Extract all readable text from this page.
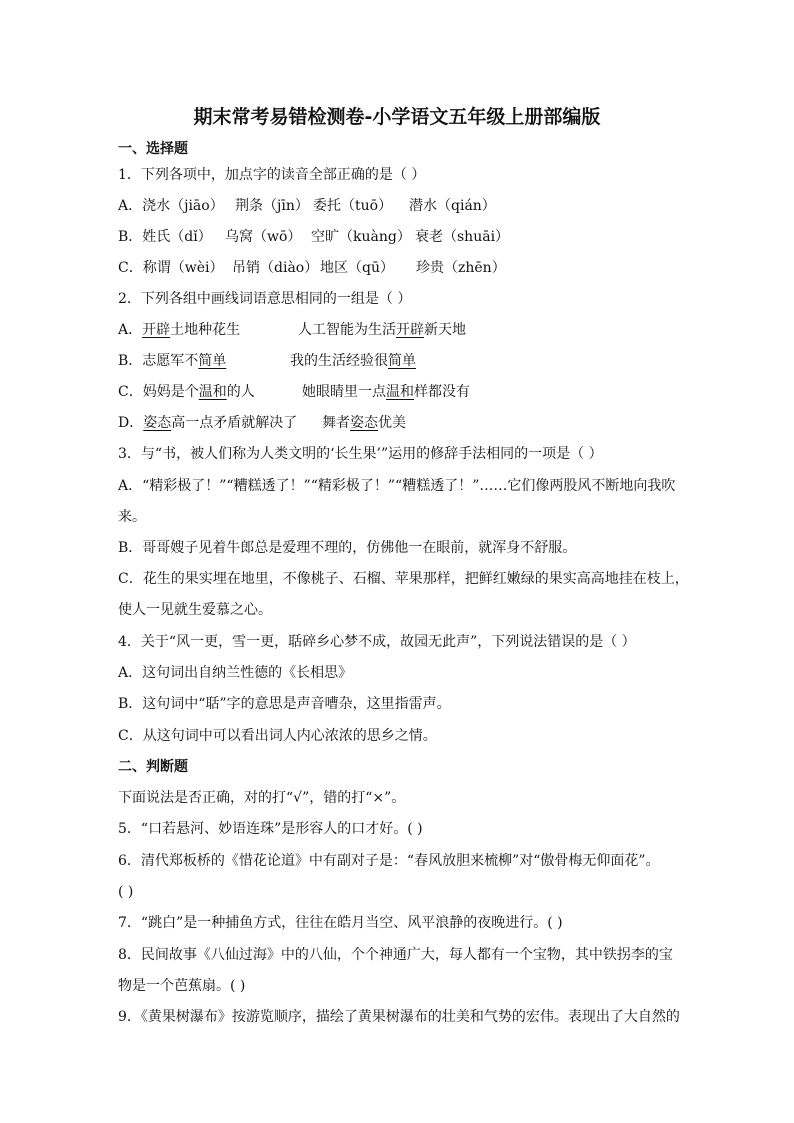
期末常考易错检测卷-小学语文五年级上册部编版
一、选择题
1．下列各项中，加点字的读音全部正确的是（ ）
A．浇水（jiāo） 荆条（jīn） 委托（tuō） 潜水（qián）
B．姓氏（dǐ） 乌窝（wō） 空旷（kuàng） 衰老（shuāi）
C．称谓（wèi） 吊销（diào） 地区（qū） 珍贵（zhēn）
2．下列各组中画线词语意思相同的一组是（ ）
A．开辟土地种花生	人工智能为生活开辟新天地
B．志愿军不简单	我的生活经验很简单
C．妈妈是个温和的人	她眼睛里一点温和样都没有
D．姿态高一点矛盾就解决了 舞者姿态优美
3．与“书，被人们称为人类文明的‘长生果’”运用的修辞手法相同的一项是（ ）
A．“精彩极了！”“糟糕透了！”“精彩极了！”“糟糕透了！”……它们像两股风不断地向我吹
来。
B．哥哥嫂子见着牛郎总是爱理不理的，仿佛他一在眼前，就浑身不舒服。
C．花生的果实埋在地里，不像桃子、石榴、苹果那样，把鲜红嫩绿的果实高高地挂在枝上，
使人一见就生爱慕之心。
4．关于“风一更，雪一更，聒碎乡心梦不成，故园无此声”，下列说法错误的是（ ）
A．这句词出自纳兰性德的《长相思》
B．这句词中“聒”字的意思是声音嘈杂，这里指雷声。
C．从这句词中可以看出词人内心浓浓的思乡之情。
二、判断题
下面说法是否正确，对的打“√”，错的打“×”。
5．“口若悬河、妙语连珠”是形容人的口才好。( )
6．清代郑板桥的《惜花论道》中有副对子是：“春风放胆来梳柳”对“傲骨梅无仰面花”。
( )
7．“跳白”是一种捕鱼方式，往往在皓月当空、风平浪静的夜晚进行。( )
8．民间故事《八仙过海》中的八仙，个个神通广大，每人都有一个宝物，其中铁拐李的宝
物是一个芭蕉扇。( )
9．《黄果树瀑布》按游览顺序，描绘了黄果树瀑布的壮美和气势的宏伟。表现出了大自然的
